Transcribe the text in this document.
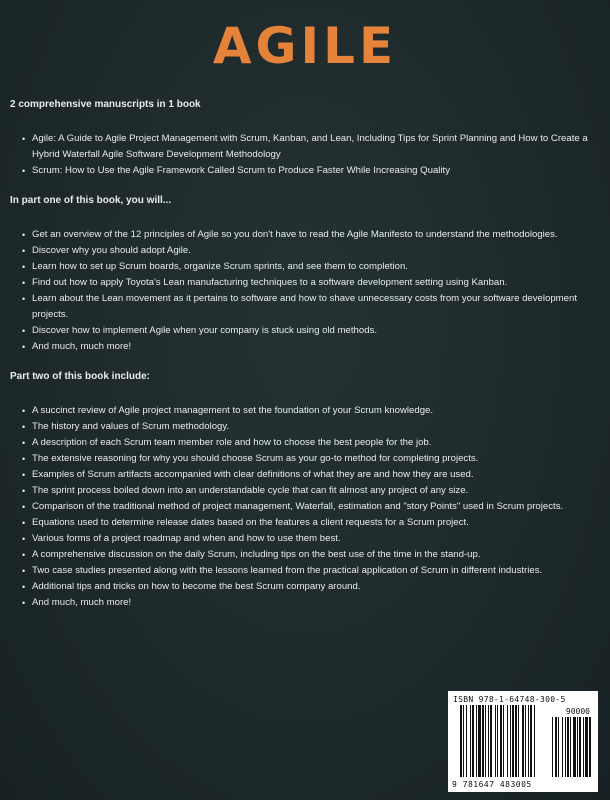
AGILE

2 comprehensive manuscripts in 1 book

• Agile: A Guide to Agile Project Management with Scrum, Kanban, and Lean, Including Tips for Sprint Planning and How to Create a Hybrid Waterfall Agile Software Development Methodology
• Scrum: How to Use the Agile Framework Called Scrum to Produce Faster While Increasing Quality

In part one of this book, you will...

• Get an overview of the 12 principles of Agile so you don't have to read the Agile Manifesto to understand the methodologies.
• Discover why you should adopt Agile.
• Learn how to set up Scrum boards, organize Scrum sprints, and see them to completion.
• Find out how to apply Toyota's Lean manufacturing techniques to a software development setting using Kanban.
• Learn about the Lean movement as it pertains to software and how to shave unnecessary costs from your software development projects.
• Discover how to implement Agile when your company is stuck using old methods.
• And much, much more!

Part two of this book include:

• A succinct review of Agile project management to set the foundation of your Scrum knowledge.
• The history and values of Scrum methodology.
• A description of each Scrum team member role and how to choose the best people for the job.
• The extensive reasoning for why you should choose Scrum as your go-to method for completing projects.
• Examples of Scrum artifacts accompanied with clear definitions of what they are and how they are used.
• The sprint process boiled down into an understandable cycle that can fit almost any project of any size.
• Comparison of the traditional method of project management, Waterfall, estimation and "story Points" used in Scrum projects.
• Equations used to determine release dates based on the features a client requests for a Scrum project.
• Various forms of a project roadmap and when and how to use them best.
• A comprehensive discussion on the daily Scrum, including tips on the best use of the time in the stand-up.
• Two case studies presented along with the lessons learned from the practical application of Scrum in different industries.
• Additional tips and tricks on how to become the best Scrum company around.
• And much, much more!
ISBN 978-1-64748-300-5
90000
9 781647 483005
